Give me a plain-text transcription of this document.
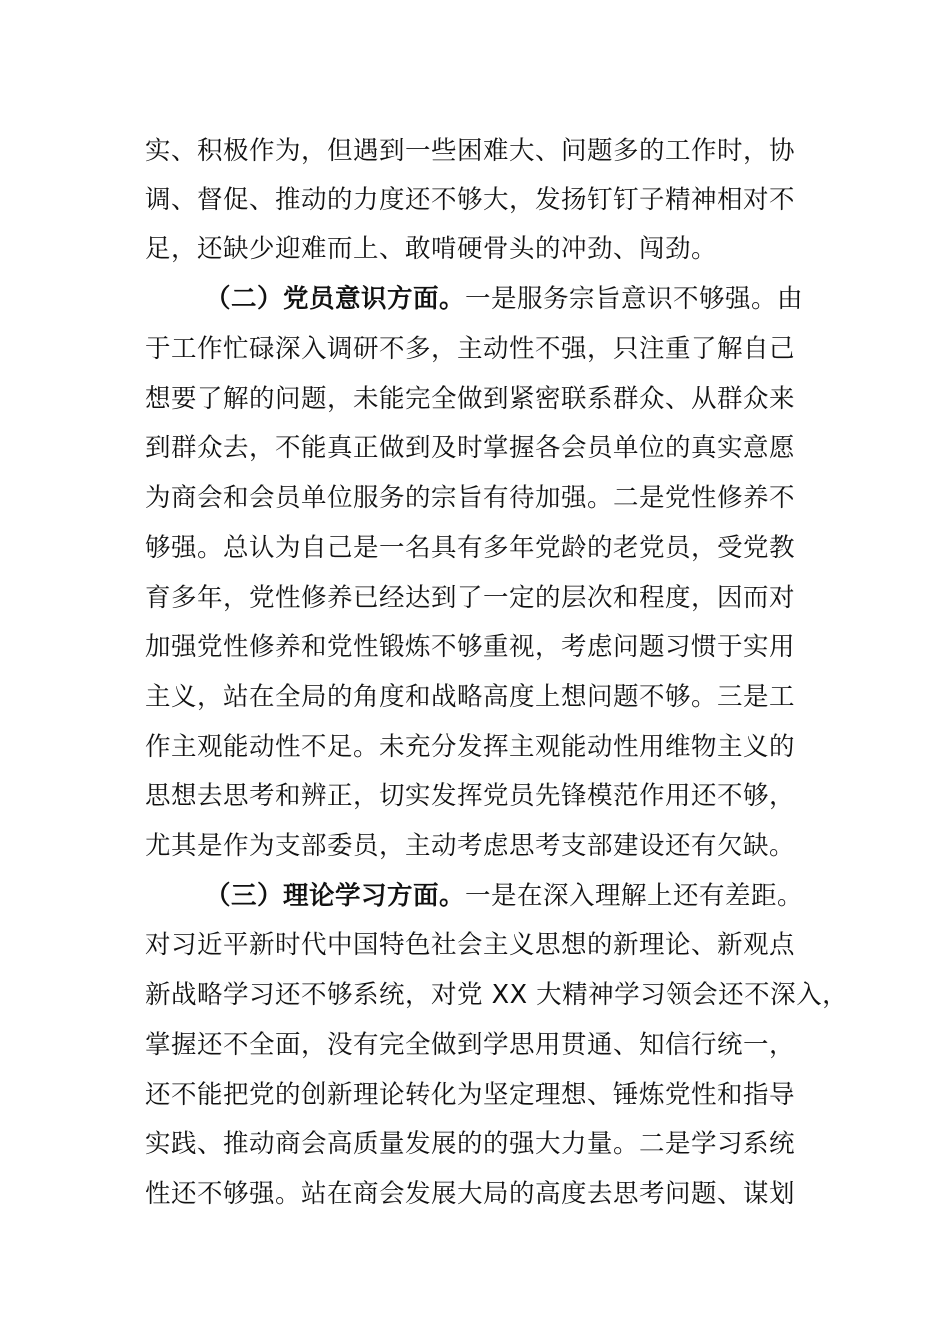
实、积极作为，但遇到一些困难大、问题多的工作时，协
调、督促、推动的力度还不够大，发扬钉钉子精神相对不
足，还缺少迎难而上、敢啃硬骨头的冲劲、闯劲。
（二）党员意识方面。一是服务宗旨意识不够强。由
于工作忙碌深入调研不多，主动性不强，只注重了解自己
想要了解的问题，未能完全做到紧密联系群众、从群众来
到群众去，不能真正做到及时掌握各会员单位的真实意愿
为商会和会员单位服务的宗旨有待加强。二是党性修养不
够强。总认为自己是一名具有多年党龄的老党员，受党教
育多年，党性修养已经达到了一定的层次和程度，因而对
加强党性修养和党性锻炼不够重视，考虑问题习惯于实用
主义，站在全局的角度和战略高度上想问题不够。三是工
作主观能动性不足。未充分发挥主观能动性用维物主义的
思想去思考和辨正，切实发挥党员先锋模范作用还不够，
尤其是作为支部委员，主动考虑思考支部建设还有欠缺。
（三）理论学习方面。一是在深入理解上还有差距。
对习近平新时代中国特色社会主义思想的新理论、新观点
新战略学习还不够系统，对党 XX 大精神学习领会还不深入，
掌握还不全面，没有完全做到学思用贯通、知信行统一，
还不能把党的创新理论转化为坚定理想、锤炼党性和指导
实践、推动商会高质量发展的的强大力量。二是学习系统
性还不够强。站在商会发展大局的高度去思考问题、谋划
